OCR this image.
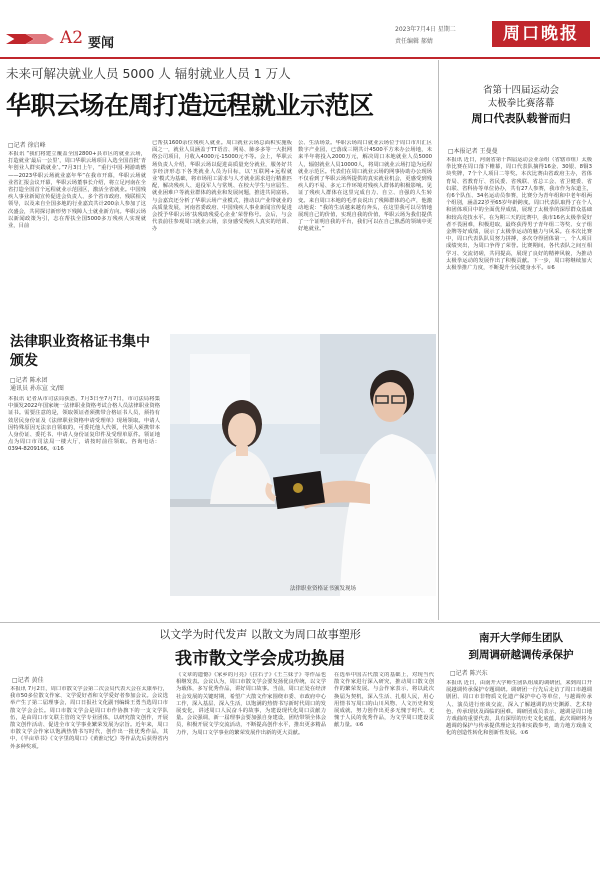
A2 要闻
2023年7月4日 星期二
责任编辑 郝婧	周口晚报
未来可解决就业人员 5000 人 辐射就业人员 1 万人
华职云场在周打造远程就业示范区
□记者 徐启峰
本报讯 “我们将建立覆盖全国2800+县市区的就业云场，打造就业‘最后一公里’，周口华职云场项目入选全国首批‘青年创业人群实践就业’。”7月3日上午，“重行中国·网游助燃——2023华职云场就业嘉年华”在我市开幕，华职云场就业省汇报会议开幕，华职云场董事长介绍，将立足河南在全省打造全国首个远程就业示范园区，激活全省就业。中国残疾人事业新闻宣传促进会负责人、多个省市政府、残联相关领导，以及来自全国多地的行业嘉宾共计200余人参加了这次盛会，共同探讨新形势下残障人士就业新方向。华职云场以新闻政策为引，志在帮扶全国5000多万残疾人实现就业，目前
已帮扶1600余位残疾人就业。周口就业云场总面积实施板面之一，就业人员涵盖于TT语音、网易、肺多多等一大批网络公司项目，月收入4000元-15000元不等。会上，华职云场负责人介绍，华职云场以促进高质量充分就业，服务好共享经济形态下各类就业人员为目标，以‘互联网+远程就业’模式为基础，将市场用工需求与人才就业需求进行精准匹配，解决残疾人、退役军人与常规、在校大学生与应届生、就业困难户等就业群体的就业和发展问题，推进共同富裕。与会嘉宾还分析了华职云场产业模式，推动以产业带就业的高质量发展，河南省委政府、中国残疾人事业新闻宣传促进会授予华职云场‘扶残助残爱心企业’荣誉称号。会后，与会代表前往参观周口就业云场，亲身感受残疾人真实的培训、办
公、生活场景。华职云场周口就业云场位于周口市川汇区数字产业园，已落成三期共计4500平方米办公场地，未来半年将投入2000万元，解决周口本地就业人员5000人，辐射就业人员10000人，将周口就业云场打造为远程就业示范区。代表们在周口就业云场的网事协助办公现场不仅看到了华职云场所提供的真实就业机会，更感受到残疾人的不易、多元工作环境对残疾人群体的积极影响。见证了残疾人群体在这里完成自力、自立、自强的人生转变。来自周口本地的毛孝良说出了残障群体的心声，他激动地说：“我的生活越来越有奔头，在这里我可以尽情地展现自己的价值，实现自我的价值，华职云场为我们提供了一个证明自我的平台，我们可以在自己熟悉的领域中更好地就业。”
省第十四届运动会
太极拳比赛落幕
周口代表队载誉而归
□本报记者 王曼曼
本报讯 近日，河南省第十四届运动会业余组（省辖市组）太极拳比赛在周口落下帷幕，周口代表队摘得16金、30银、8铜3块奖牌，7个个人项目二等奖。本次比赛由省政府主办，省体育局、省教育厅、省民委、省残联、省总工会、省卫健委、省妇联、省科协等单位协办，共有27人参赛，我市作为东道主，有6个队伍、34名运动员参赛，比赛分为青年组和中老年组两个组别，涵盖22岁至65岁年龄跨度。周口代表队取得了在个人和团体项目中的全面优异成绩，展现了太极拳的深厚群众基础和较高竞技水平。在为期三天的比赛中，我市16名太极拳爱好者不畏困难，积极进取，最终获得男子青年组二等奖、女子组金牌等好成绩，展示了太极拳运动的魅力与风采。在本次比赛中，周口代表队队员努力拼搏，多次夺得团体第一，个人项目成绩突出，为周口争得了荣誉。比赛期间，各代表队之间互相学习、交流切磋，共同提高，展现了良好的精神风貌，为推动太极拳运动的发展作出了积极贡献。下一步，周口将继续加大太极拳推广力度，不断提升全民健身水平。①6
法律职业资格证书集中颁发
□记者 陈永团
通讯员 孙东宣 文/图
本报讯 记者从市司法局获悉，7月3日至7月7日，市司法局将集中颁发2022年国家统一法律职业资格考试合格人员法律职业资格证书。需要注意的是，领取领证者须携带合格证书人员，须持有效居民身份证及《法律职业资格申请受理单》现场领取。申请人因特殊原因无法亲自领取的，可委托他人代领，代领人须携带本人身份证、委托书、申请人身份证复印件及受理单原件。领证地点为周口市司法局一楼大厅，请按时前往领取。咨询电话：0394-8209166。①16
法律职业资格证书颁发现场
以文学为时代发声 以散文为周口故事塑形
我市散文学会成功换届
□记者 黄佳
本报讯 7月2日，周口市散文学会第二次会员代表大会在太康举行，我市50多位散文作家、文学爱好者和文学爱好者参加会议。会议选举产生了第二届理事会，周口日报社文化副刊编辑王勇当选周口市散文学会会长。周口市散文学会是周口市作协旗下的一支文学队伍，是由周口市文联主管的文学专业团体，以研究散文创作，开展散文创作活动、促进全市文学事业繁荣发展为宗旨。近年来，周口市散文学会作家以饱满热情书写时代，创作出一批优秀作品，其中，《半亩草书》《文字里的周口》《黄淮记忆》等作品先后获得省内外多种奖项。
《文章的遗憾》《家乡的月亮》《拉石子》《王兰妹子》等作品也相继发表。会议认为，周口市散文学会要发扬优良传统，以文学为载体，多写优秀作品，讲好周口故事。当前，周口正处在经济社会发展的关键时期，希望广大散文作家围绕市委、市政府中心工作，深入基层、深入生活，以饱满的热情书写新时代周口的发展变化，讲述周口人民奋斗的故事，为建设现代化周口贡献力量。会议强调，新一届理事会要加强自身建设，团结带领全体会员，积极开展文学交流活动，不断提高创作水平，推出更多精品力作，为周口文学事业的繁荣发展作出新的更大贡献。
在选举中国古代散文的基础上，对现当代散文作家进行深入研究，推动周口散文创作的繁荣发展。与会作家表示，将以此次换届为契机，深入生活、扎根人民，用心用情书写周口的山川风物、人文历史和发展成就，努力创作出更多无愧于时代、无愧于人民的优秀作品，为文学周口建设贡献力量。①6
南开大学师生团队
到周调研越调传承保护
□记者 陈兴东
本报讯 近日，由南开大学师生团队组成的调研团，来到周口开展越调传承保护专题调研。调研团一行先后走访了周口市越调剧团、周口市非物质文化遗产保护中心等单位，与越调传承人、演员进行座谈交流，深入了解越调的历史渊源、艺术特色、传承现状及面临的困难。调研团成员表示，越调是周口地方戏曲的重要代表，具有深厚的历史文化底蕴，此次调研将为越调的保护与传承提供理论支持和实践参考，助力地方戏曲文化的创造性转化和创新性发展。①6
